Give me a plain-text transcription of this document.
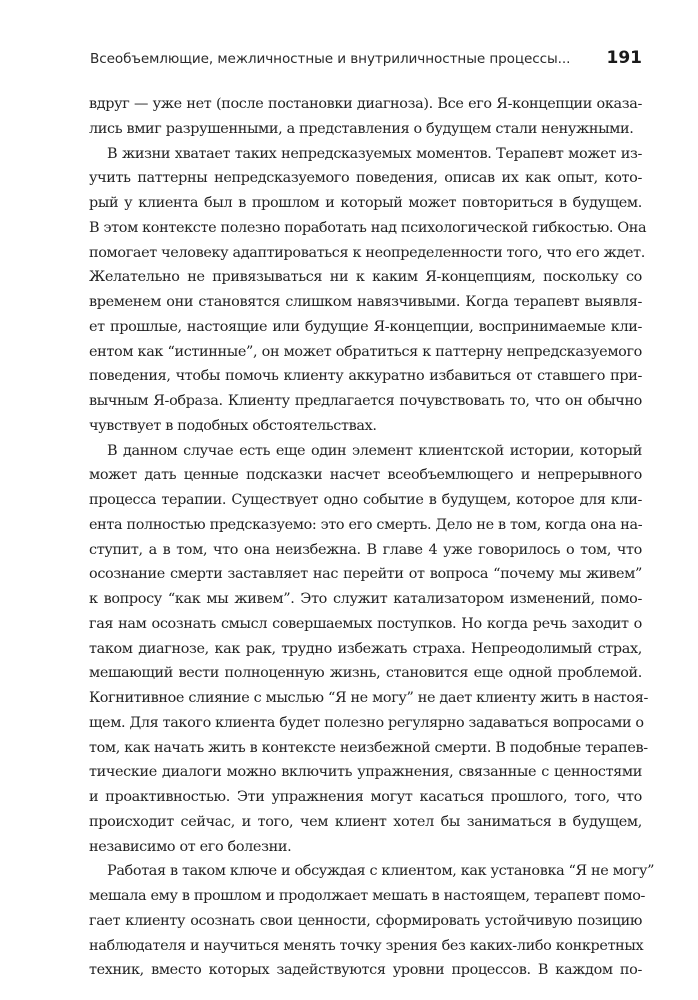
Всеобъемлющие, межличностные и внутриличностные процессы... 191
вдруг — уже нет (после постановки диагноза). Все его Я-концепции оказа-
лись вмиг разрушенными, а представления о будущем стали ненужными.
В жизни хватает таких непредсказуемых моментов. Терапевт может из-
учить паттерны непредсказуемого поведения, описав их как опыт, кото-
рый у клиента был в прошлом и который может повториться в будущем.
В этом контексте полезно поработать над психологической гибкостью. Она
помогает человеку адаптироваться к неопределенности того, что его ждет.
Желательно не привязываться ни к каким Я-концепциям, поскольку со
временем они становятся слишком навязчивыми. Когда терапевт выявля-
ет прошлые, настоящие или будущие Я-концепции, воспринимаемые кли-
ентом как “истинные”, он может обратиться к паттерну непредсказуемого
поведения, чтобы помочь клиенту аккуратно избавиться от ставшего при-
вычным Я-образа. Клиенту предлагается почувствовать то, что он обычно
чувствует в подобных обстоятельствах.
В данном случае есть еще один элемент клиентской истории, который
может дать ценные подсказки насчет всеобъемлющего и непрерывного
процесса терапии. Существует одно событие в будущем, которое для кли-
ента полностью предсказуемо: это его смерть. Дело не в том, когда она на-
ступит, а в том, что она неизбежна. В главе 4 уже говорилось о том, что
осознание смерти заставляет нас перейти от вопроса “почему мы живем”
к вопросу “как мы живем”. Это служит катализатором изменений, помо-
гая нам осознать смысл совершаемых поступков. Но когда речь заходит о
таком диагнозе, как рак, трудно избежать страха. Непреодолимый страх,
мешающий вести полноценную жизнь, становится еще одной проблемой.
Когнитивное слияние с мыслью “Я не могу” не дает клиенту жить в настоя-
щем. Для такого клиента будет полезно регулярно задаваться вопросами о
том, как начать жить в контексте неизбежной смерти. В подобные терапев-
тические диалоги можно включить упражнения, связанные с ценностями
и проактивностью. Эти упражнения могут касаться прошлого, того, что
происходит сейчас, и того, чем клиент хотел бы заниматься в будущем,
независимо от его болезни.
Работая в таком ключе и обсуждая с клиентом, как установка “Я не могу”
мешала ему в прошлом и продолжает мешать в настоящем, терапевт помо-
гает клиенту осознать свои ценности, сформировать устойчивую позицию
наблюдателя и научиться менять точку зрения без каких-либо конкретных
техник, вместо которых задействуются уровни процессов. В каждом по-
